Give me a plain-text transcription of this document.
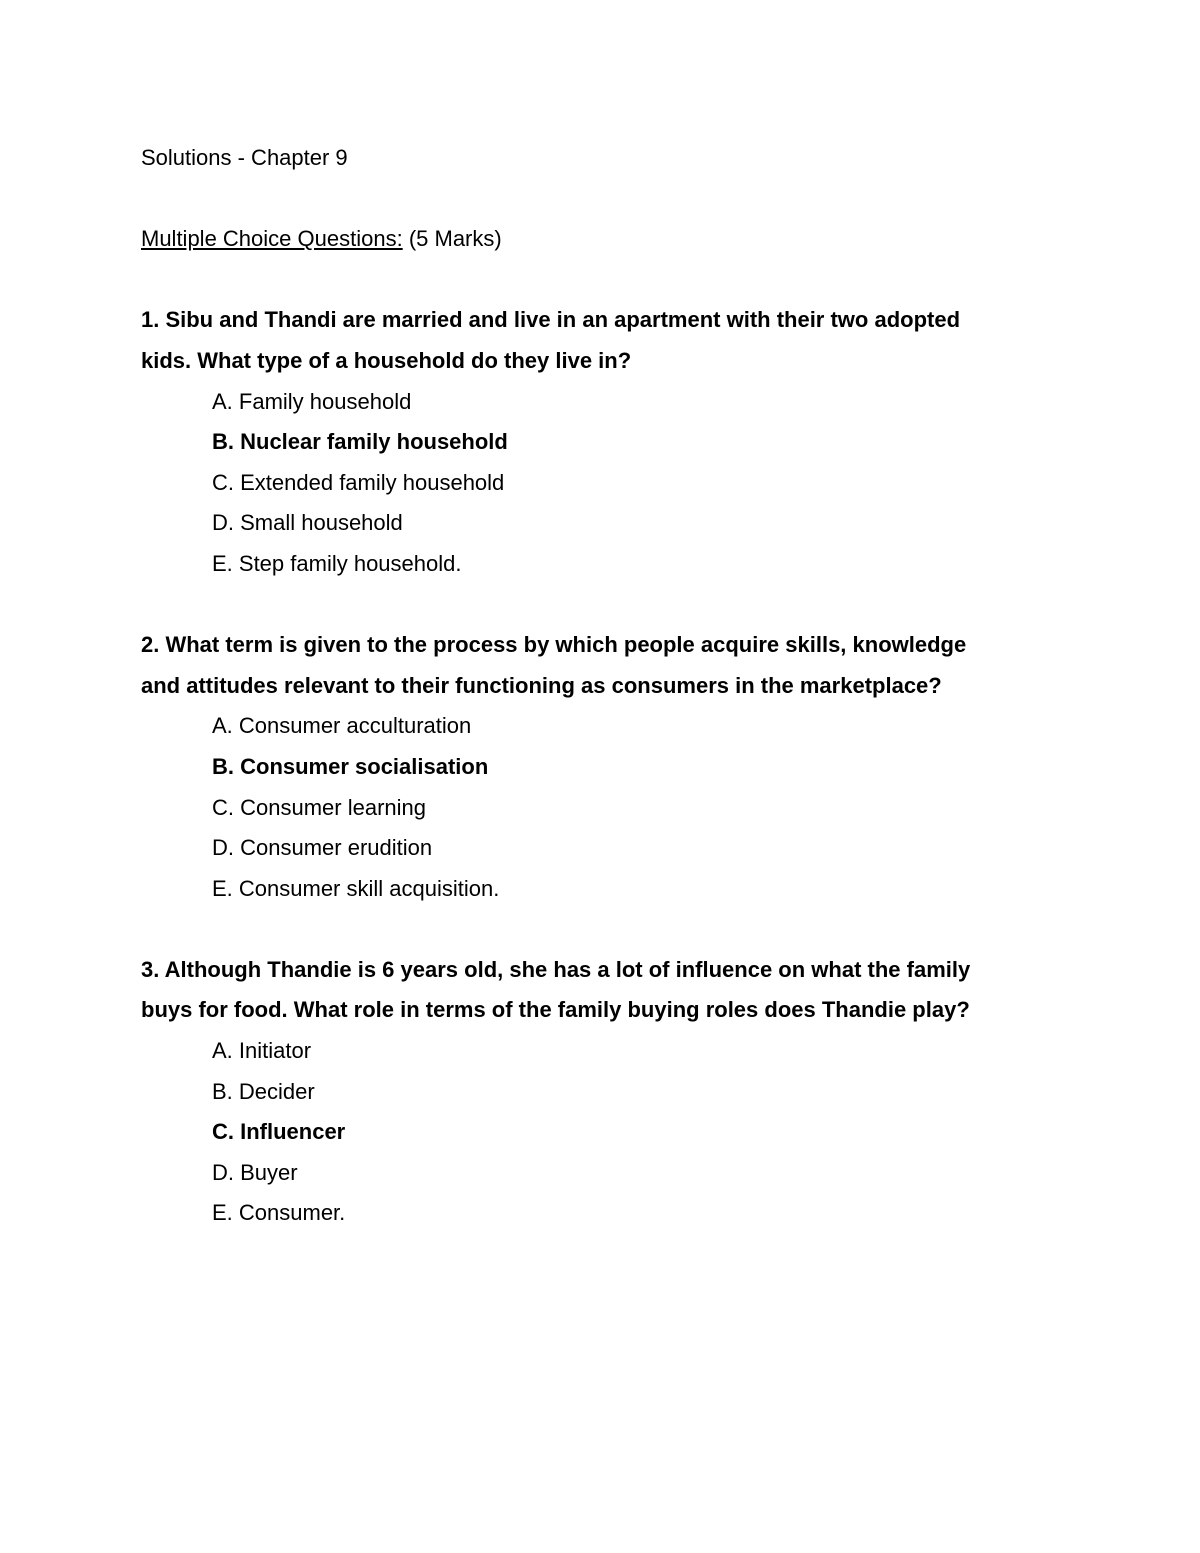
Solutions - Chapter 9

Multiple Choice Questions: (5 Marks)

1. Sibu and Thandi are married and live in an apartment with their two adopted

kids. What type of a household do they live in?

A. Family household
B. Nuclear family household
C. Extended family household
D. Small household
E. Step family household.

2. What term is given to the process by which people acquire skills, knowledge

and attitudes relevant to their functioning as consumers in the marketplace?

A. Consumer acculturation
B. Consumer socialisation
C. Consumer learning
D. Consumer erudition
E. Consumer skill acquisition.

3. Although Thandie is 6 years old, she has a lot of influence on what the family

buys for food. What role in terms of the family buying roles does Thandie play?

A. Initiator
B. Decider
C. Influencer
D. Buyer
E. Consumer.
